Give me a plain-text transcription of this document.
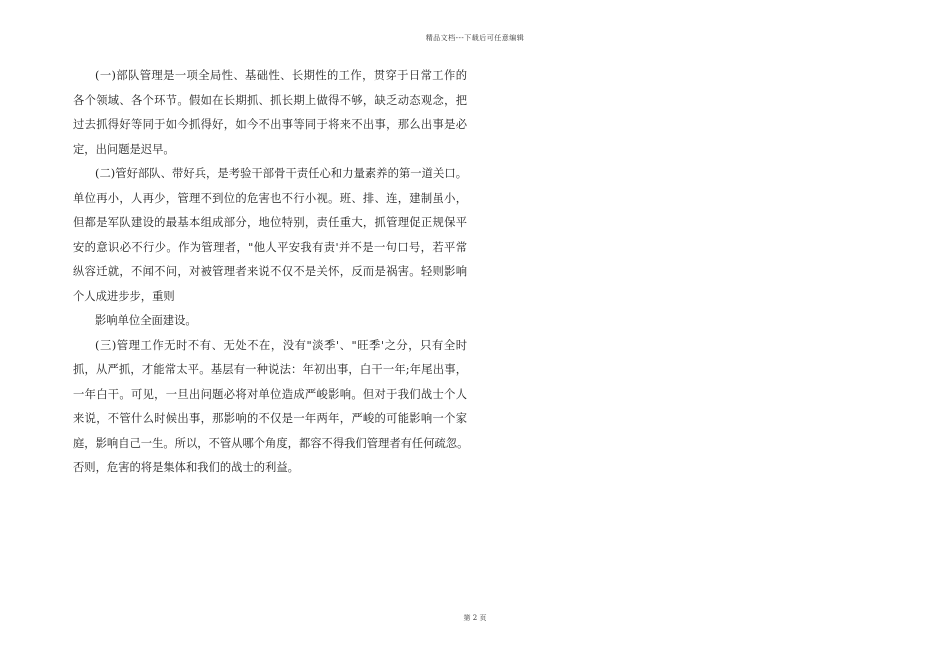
精品文档---下载后可任意编辑
(一)部队管理是一项全局性、基础性、长期性的工作，贯穿于日常工作的
各个领域、各个环节。假如在长期抓、抓长期上做得不够，缺乏动态观念，把
过去抓得好等同于如今抓得好，如今不出事等同于将来不出事，那么出事是必
定，出问题是迟早。
(二)管好部队、带好兵，是考验干部骨干责任心和力量素养的第一道关口。
单位再小，人再少，管理不到位的危害也不行小视。班、排、连，建制虽小，
但都是军队建设的最基本组成部分，地位特别，责任重大，抓管理促正规保平
安的意识必不行少。作为管理者，"他人平安我有责'并不是一句口号，若平常
纵容迁就，不闻不问，对被管理者来说不仅不是关怀，反而是祸害。轻则影响
个人成进步步，重则
影响单位全面建设。
(三)管理工作无时不有、无处不在，没有"淡季'、"旺季'之分，只有全时
抓，从严抓，才能常太平。基层有一种说法：年初出事，白干一年;年尾出事，
一年白干。可见，一旦出问题必将对单位造成严峻影响。但对于我们战士个人
来说，不管什么时候出事，那影响的不仅是一年两年，严峻的可能影响一个家
庭，影响自己一生。所以，不管从哪个角度，都容不得我们管理者有任何疏忽。
否则，危害的将是集体和我们的战士的利益。
第 2 页
